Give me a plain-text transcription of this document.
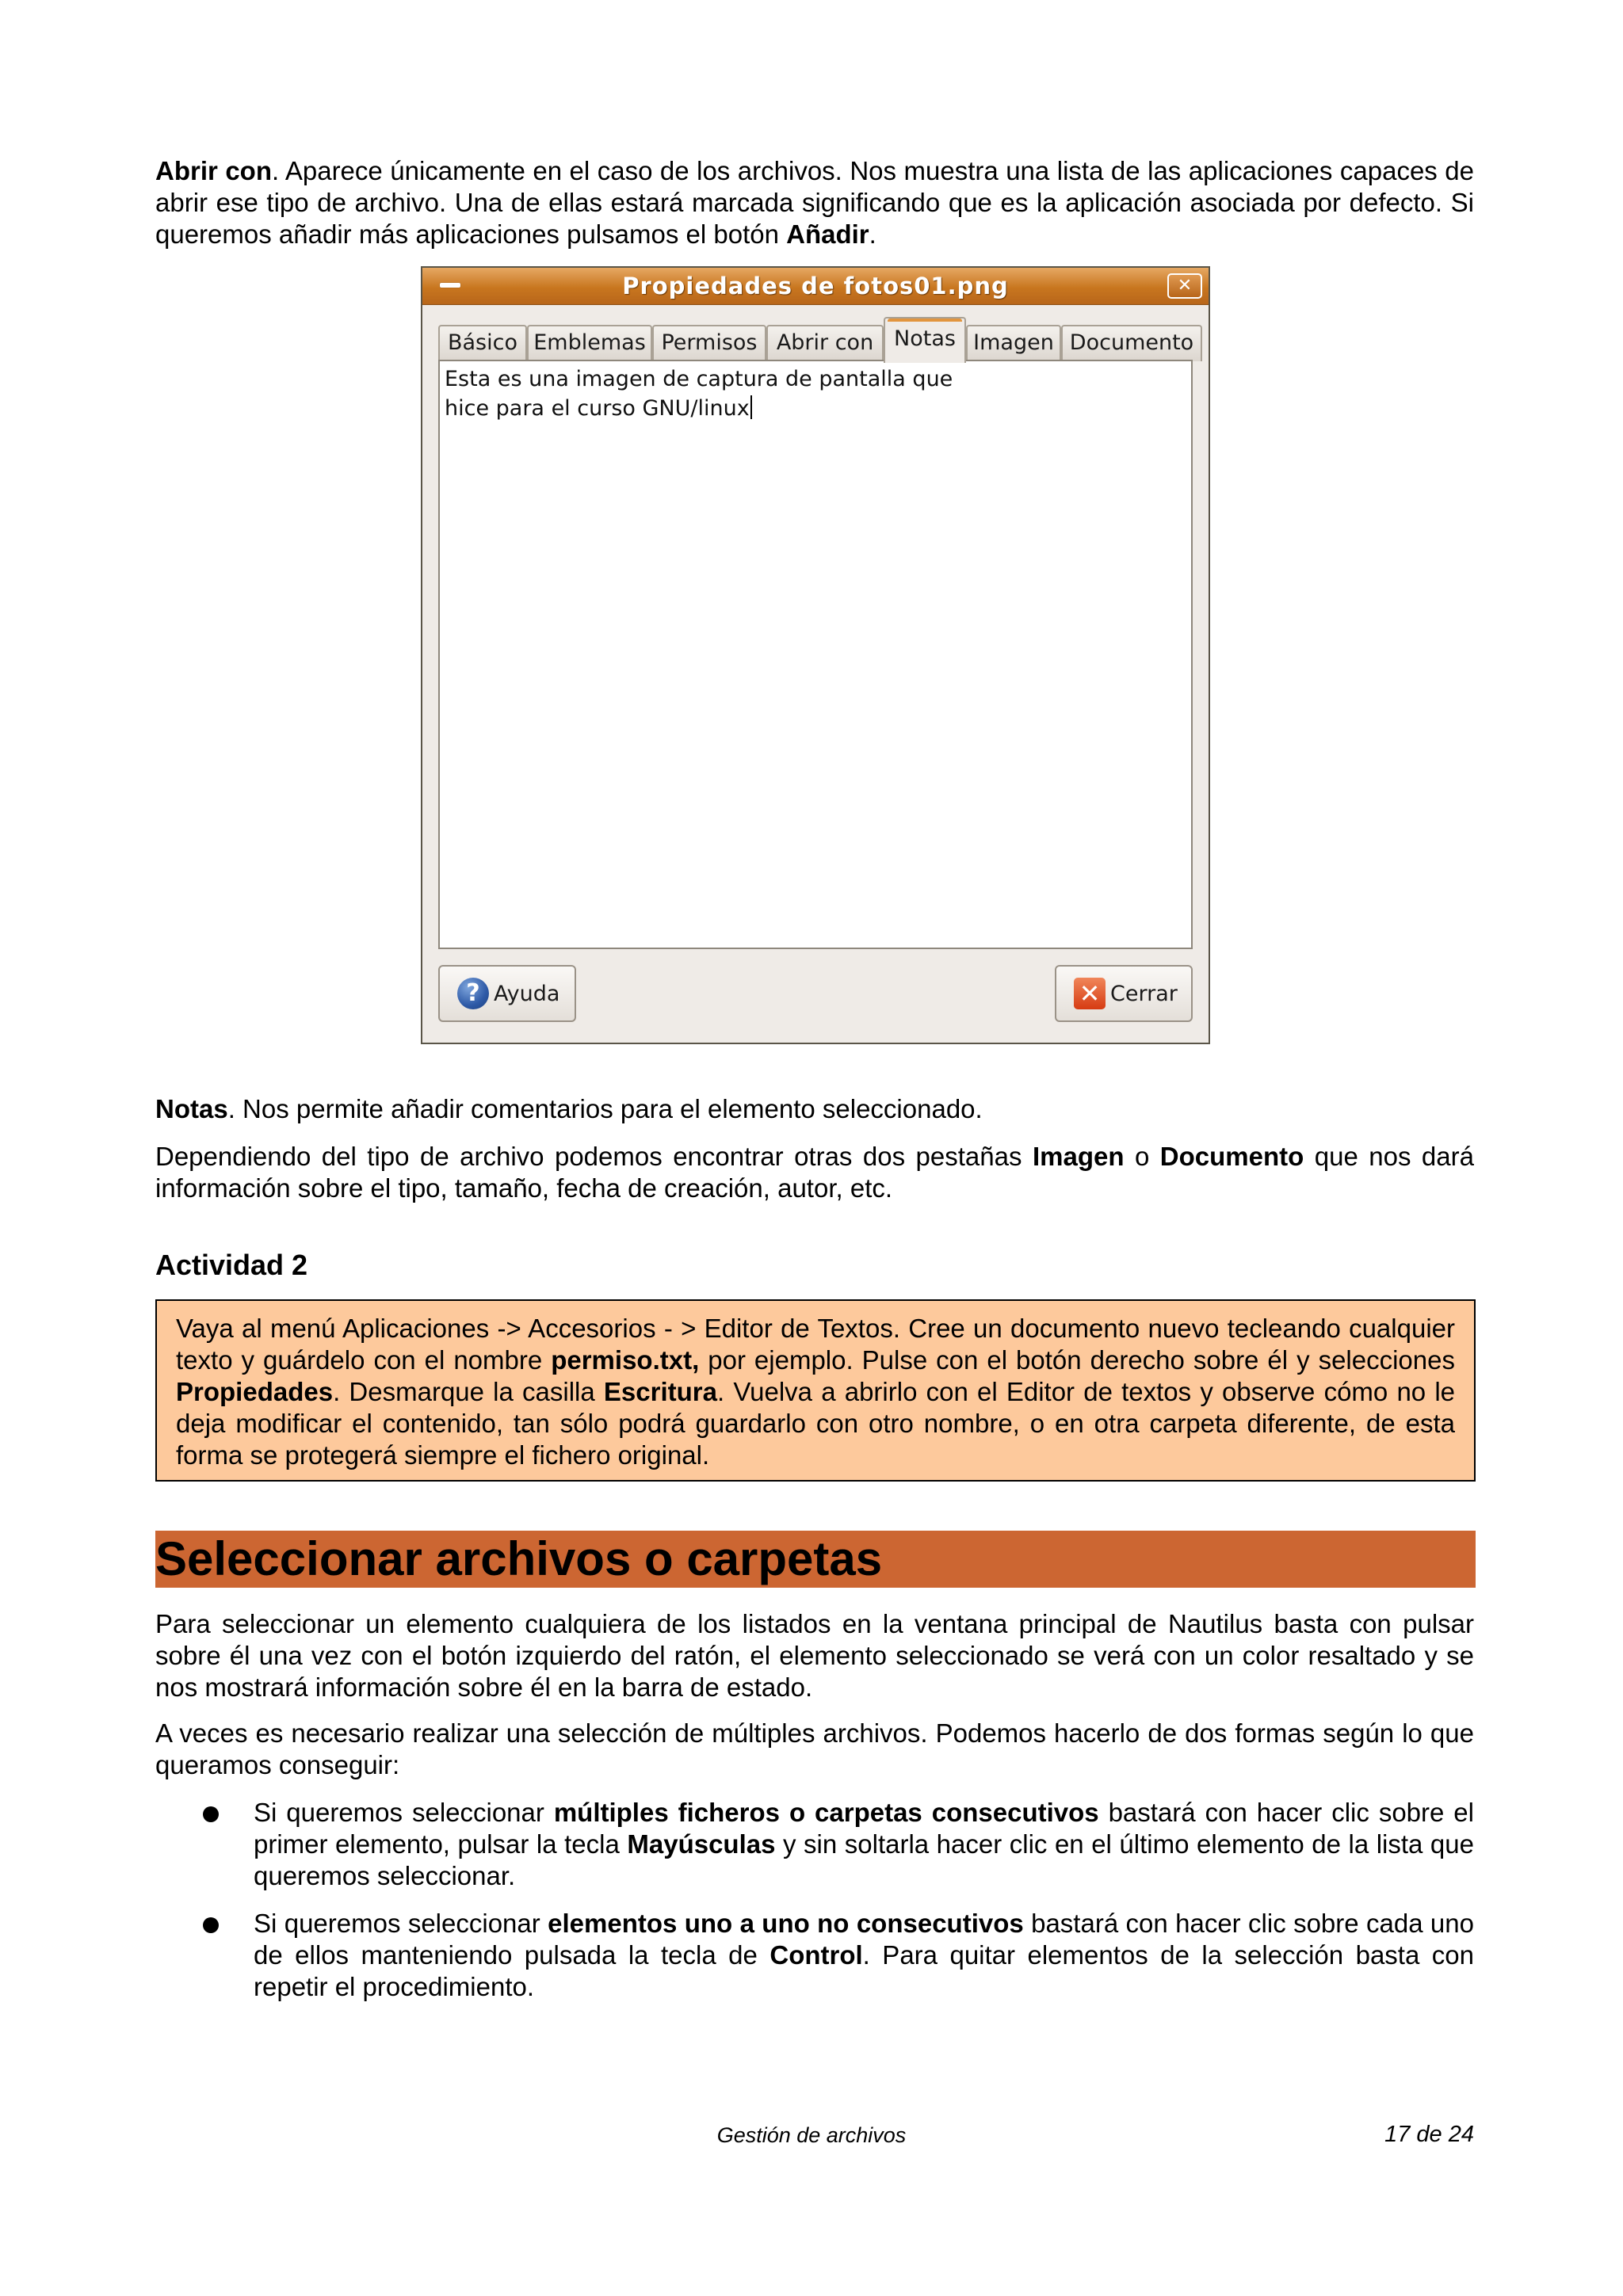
Abrir con. Aparece únicamente en el caso de los archivos. Nos muestra una lista de las aplicaciones capaces de abrir ese tipo de archivo. Una de ellas estará marcada significando que es la aplicación asociada por defecto. Si queremos añadir más aplicaciones pulsamos el botón Añadir.
Propiedades de fotos01.png	✕
Básico Emblemas Permisos Abrir con Notas Imagen Documento
Esta es una imagen de captura de pantalla que
hice para el curso GNU/linux
? Ayuda	✕ Cerrar
Notas. Nos permite añadir comentarios para el elemento seleccionado.
Dependiendo del tipo de archivo podemos encontrar otras dos pestañas Imagen o Documento que nos dará información sobre el tipo, tamaño, fecha de creación, autor, etc.
Actividad 2
Vaya al menú Aplicaciones -> Accesorios - > Editor de Textos. Cree un documento nuevo tecleando cualquier texto y guárdelo con el nombre permiso.txt, por ejemplo. Pulse con el botón derecho sobre él y selecciones Propiedades. Desmarque la casilla Escritura. Vuelva a abrirlo con el Editor de textos y observe cómo no le deja modificar el contenido, tan sólo podrá guardarlo con otro nombre, o en otra carpeta diferente, de esta forma se protegerá siempre el fichero original.
Seleccionar archivos o carpetas
Para seleccionar un elemento cualquiera de los listados en la ventana principal de Nautilus basta con pulsar sobre él una vez con el botón izquierdo del ratón, el elemento seleccionado se verá con un color resaltado y se nos mostrará información sobre él en la barra de estado.
A veces es necesario realizar una selección de múltiples archivos. Podemos hacerlo de dos formas según lo que queramos conseguir:
Si queremos seleccionar múltiples ficheros o carpetas consecutivos bastará con hacer clic sobre el primer elemento, pulsar la tecla Mayúsculas y sin soltarla hacer clic en el último elemento de la lista que queremos seleccionar.
Si queremos seleccionar elementos uno a uno no consecutivos bastará con hacer clic sobre cada uno de ellos manteniendo pulsada la tecla de Control. Para quitar elementos de la selección basta con repetir el procedimiento.
Gestión de archivos	17 de 24
